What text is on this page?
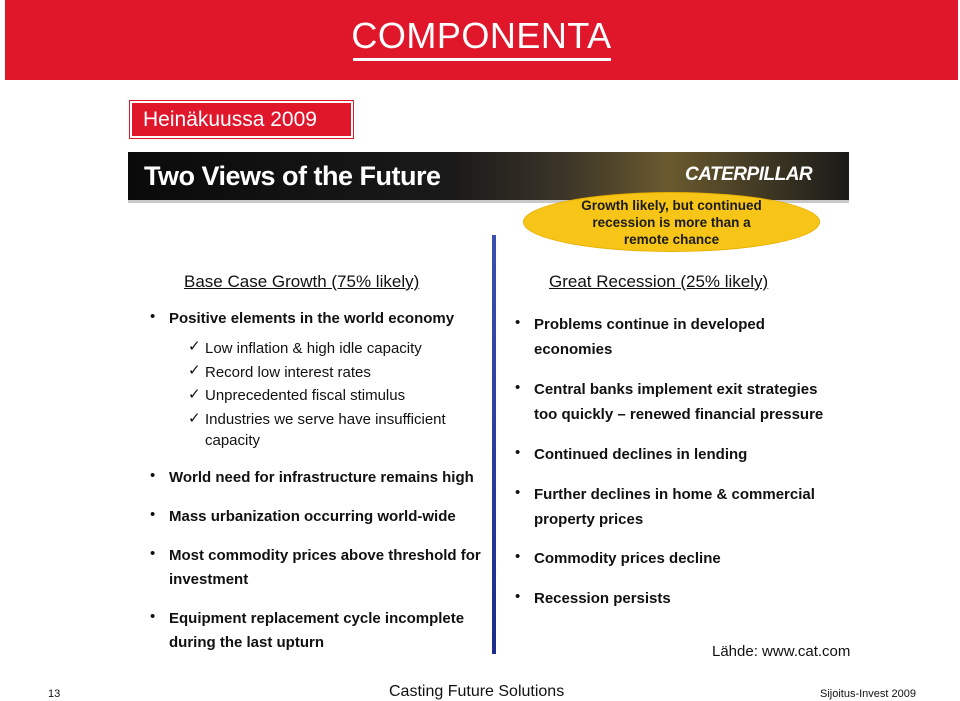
COMPONENTA
Heinäkuussa 2009
Two Views of the Future	CATERPILLAR
Growth likely, but continued
recession is more than a
remote chance
Base Case Growth (75% likely)	Great Recession (25% likely)
• Positive elements in the world economy
✓ Low inflation & high idle capacity
✓ Record low interest rates
✓ Unprecedented fiscal stimulus
✓ Industries we serve have insufficient
capacity
• World need for infrastructure remains high
• Mass urbanization occurring world-wide
• Most commodity prices above threshold for
investment
• Equipment replacement cycle incomplete
during the last upturn
• Problems continue in developed
economies
• Central banks implement exit strategies
too quickly – renewed financial pressure
• Continued declines in lending
• Further declines in home & commercial
property prices
• Commodity prices decline
• Recession persists
Lähde: www.cat.com
13	Casting Future Solutions	Sijoitus-Invest 2009
